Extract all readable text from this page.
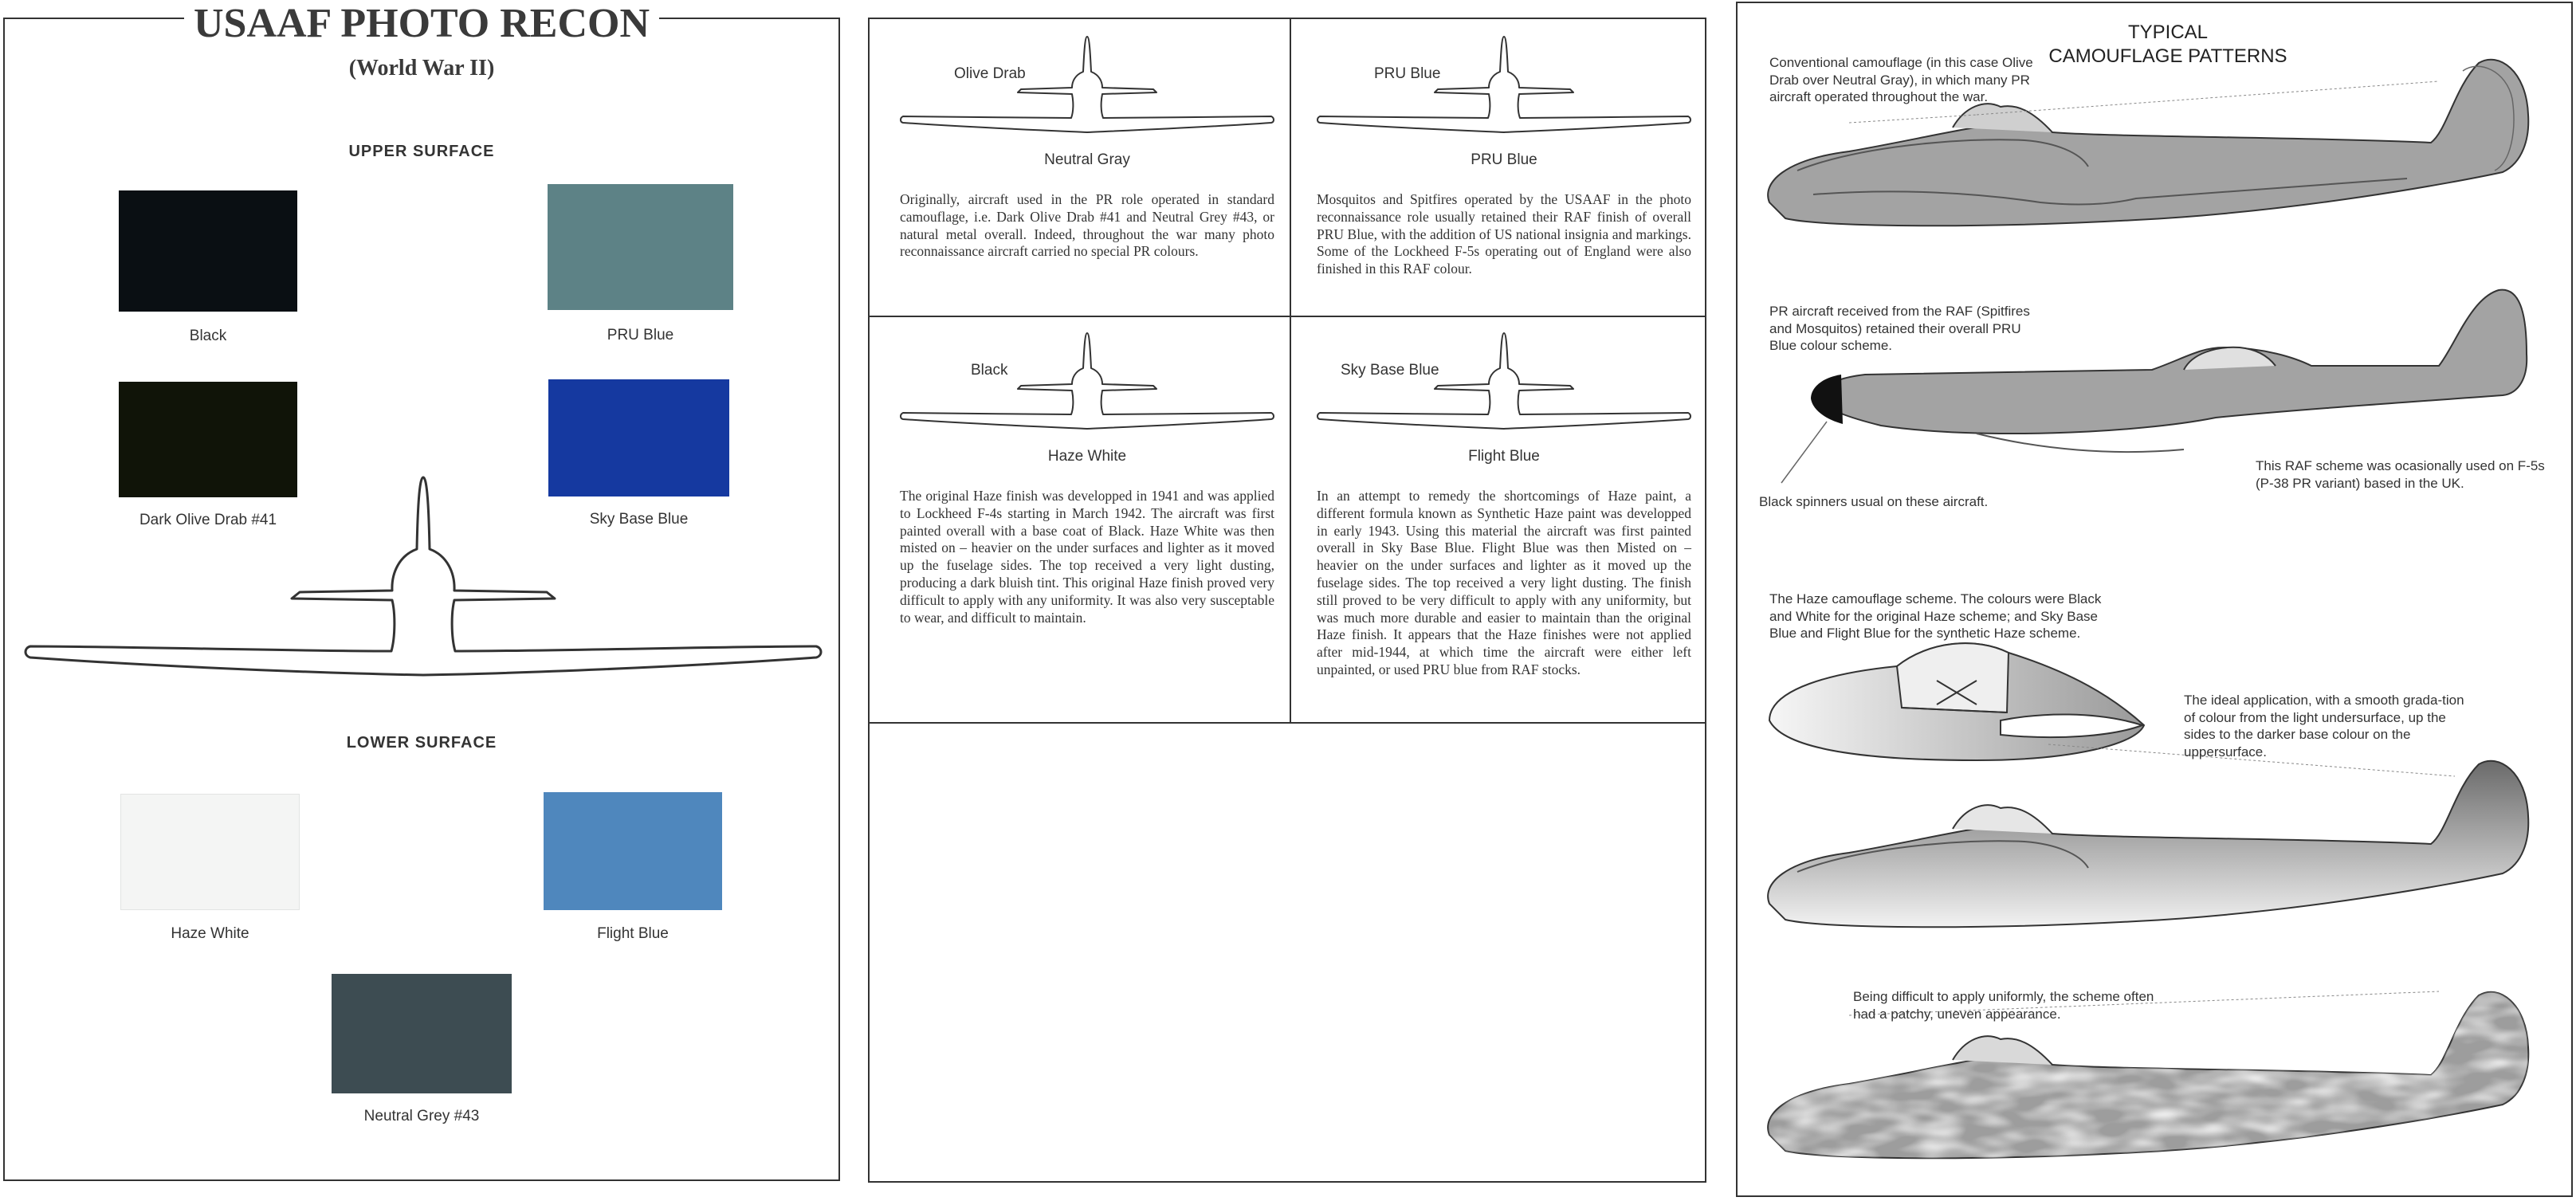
USAAF PHOTO RECON
(World War II)
UPPER SURFACE
Black	PRU Blue
Dark Olive Drab #41	Sky Base Blue
LOWER SURFACE
Haze White	Flight Blue
Neutral Grey #43
Olive Drab
Neutral Gray
Originally, aircraft used in the PR role operated in standard camouflage, i.e. Dark Olive Drab #41 and Neutral Grey #43, or natural metal overall. Indeed, throughout the war many photo reconnaissance aircraft carried no special PR colours.
PRU Blue
PRU Blue
Mosquitos and Spitfires operated by the USAAF in the photo reconnaissance role usually retained their RAF finish of overall PRU Blue, with the addition of US national insignia and markings. Some of the Lockheed F-5s operating out of England were also finished in this RAF colour.
Black
Haze White
The original Haze finish was developped in 1941 and was applied to Lockheed F-4s starting in March 1942. The aircraft was first painted overall with a base coat of Black. Haze White was then misted on – heavier on the under surfaces and lighter as it moved up the fuselage sides. The top received a very light dusting, producing a dark bluish tint. This original Haze finish proved very difficult to apply with any uniformity. It was also very susceptable to wear, and difficult to maintain.
Sky Base Blue
Flight Blue
In an attempt to remedy the shortcomings of Haze paint, a different formula known as Synthetic Haze paint was developped in early 1943. Using this material the aircraft was first painted overall in Sky Base Blue. Flight Blue was then Misted on – heavier on the under surfaces and lighter as it moved up the fuselage sides. The top received a very light dusting. The finish still proved to be very difficult to apply with any uniformity, but was much more durable and easier to maintain than the original Haze finish. It appears that the Haze finishes were not applied after mid-1944, at which time the aircraft were either left unpainted, or used PRU blue from RAF stocks.
TYPICAL
CAMOUFLAGE PATTERNS
Conventional camouflage (in this case Olive Drab over Neutral Gray), in which many PR aircraft operated throughout the war.
PR aircraft received from the RAF (Spitfires and Mosquitos) retained their overall PRU Blue colour scheme.
This RAF scheme was ocasionally used on F-5s (P-38 PR variant) based in the UK.
Black spinners usual on these aircraft.
The Haze camouflage scheme. The colours were Black and White for the original Haze scheme; and Sky Base Blue and Flight Blue for the synthetic Haze scheme.
The ideal application, with a smooth grada-tion of colour from the light undersurface, up the sides to the darker base colour on the uppersurface.
Being difficult to apply uniformly, the scheme often had a patchy, uneven appearance.
